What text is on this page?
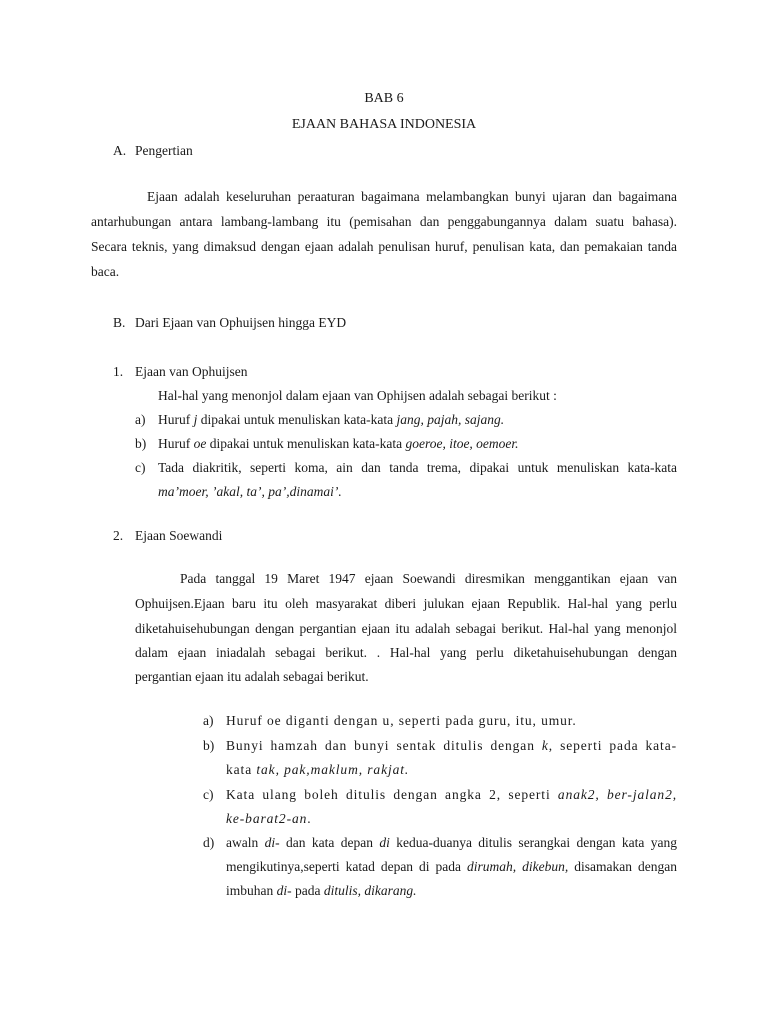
BAB 6
EJAAN BAHASA INDONESIA
A. Pengertian
Ejaan adalah keseluruhan peraaturan bagaimana melambangkan bunyi ujaran dan bagaimana
antarhubungan antara lambang-lambang itu (pemisahan dan penggabungannya dalam suatu bahasa).
Secara teknis, yang dimaksud dengan ejaan adalah penulisan huruf, penulisan kata, dan pemakaian tanda
baca.
B. Dari Ejaan van Ophuijsen hingga EYD
1. Ejaan van Ophuijsen
Hal-hal yang menonjol dalam ejaan van Ophijsen adalah sebagai berikut :
a) Huruf j dipakai untuk menuliskan kata-kata jang, pajah, sajang.
b) Huruf oe dipakai untuk menuliskan kata-kata goeroe, itoe, oemoer.
c) Tada diakritik, seperti koma, ain dan tanda trema, dipakai untuk menuliskan kata-kata
ma’moer, ’akal, ta’, pa’,dinamai’.
2. Ejaan Soewandi
Pada tanggal 19 Maret 1947 ejaan Soewandi diresmikan menggantikan ejaan van
Ophuijsen.Ejaan baru itu oleh masyarakat diberi julukan ejaan Republik. Hal-hal yang perlu
diketahuisehubungan dengan pergantian ejaan itu adalah sebagai berikut. Hal-hal yang menonjol
dalam ejaan iniadalah sebagai berikut. . Hal-hal yang perlu diketahuisehubungan dengan
pergantian ejaan itu adalah sebagai berikut.
a) Huruf oe diganti dengan u, seperti pada guru, itu, umur.
b) Bunyi hamzah dan bunyi sentak ditulis dengan k, seperti pada kata-
kata tak, pak,maklum, rakjat.
c) Kata ulang boleh ditulis dengan angka 2, seperti anak2, ber-jalan2,
ke-barat2-an.
d) awaln di- dan kata depan di kedua-duanya ditulis serangkai dengan kata yang
mengikutinya,seperti katad depan di pada dirumah, dikebun, disamakan dengan
imbuhan di- pada ditulis, dikarang.
